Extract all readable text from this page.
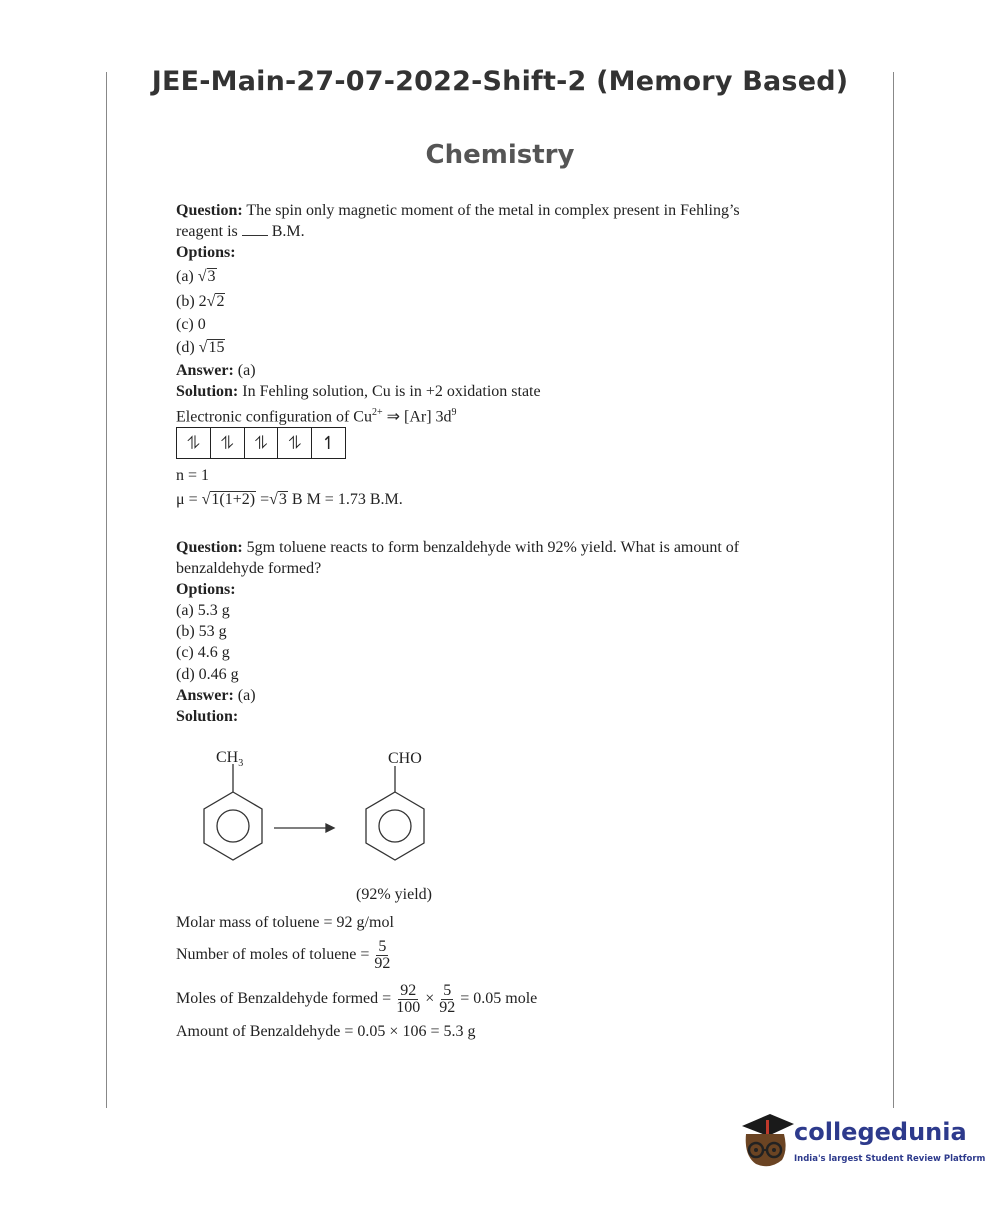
JEE-Main-27-07-2022-Shift-2 (Memory Based)
Chemistry
Question: The spin only magnetic moment of the metal in complex present in Fehling’s
reagent is B.M.
Options:
(a) √3
(b) 2√2
(c) 0
(d) √15
Answer: (a)
Solution: In Fehling solution, Cu is in +2 oxidation state
Electronic configuration of $Cu^{2+}$ ⇒ [Ar] $3d^9$
⥮	⥮	⥮	⥮	↿
n = 1
μ = √1(1+2) =√3 B M = 1.73 B.M.
Question: 5gm toluene reacts to form benzaldehyde with 92% yield. What is amount of
benzaldehyde formed?
Options:
(a) 5.3 g
(b) 53 g
(c) 4.6 g
(d) 0.46 g
Answer: (a)
Solution:
$CH_3$	CHO
(92% yield)
Molar mass of toluene = 92 g/mol
Number of moles of toluene = $\frac{5}{92}$
Moles of Benzaldehyde formed = $\frac{92}{100} \times \frac{5}{92} = 0.05$ mole
Amount of Benzaldehyde = 0.05 × 106 = 5.3 g
collegedunia
India's largest Student Review Platform
